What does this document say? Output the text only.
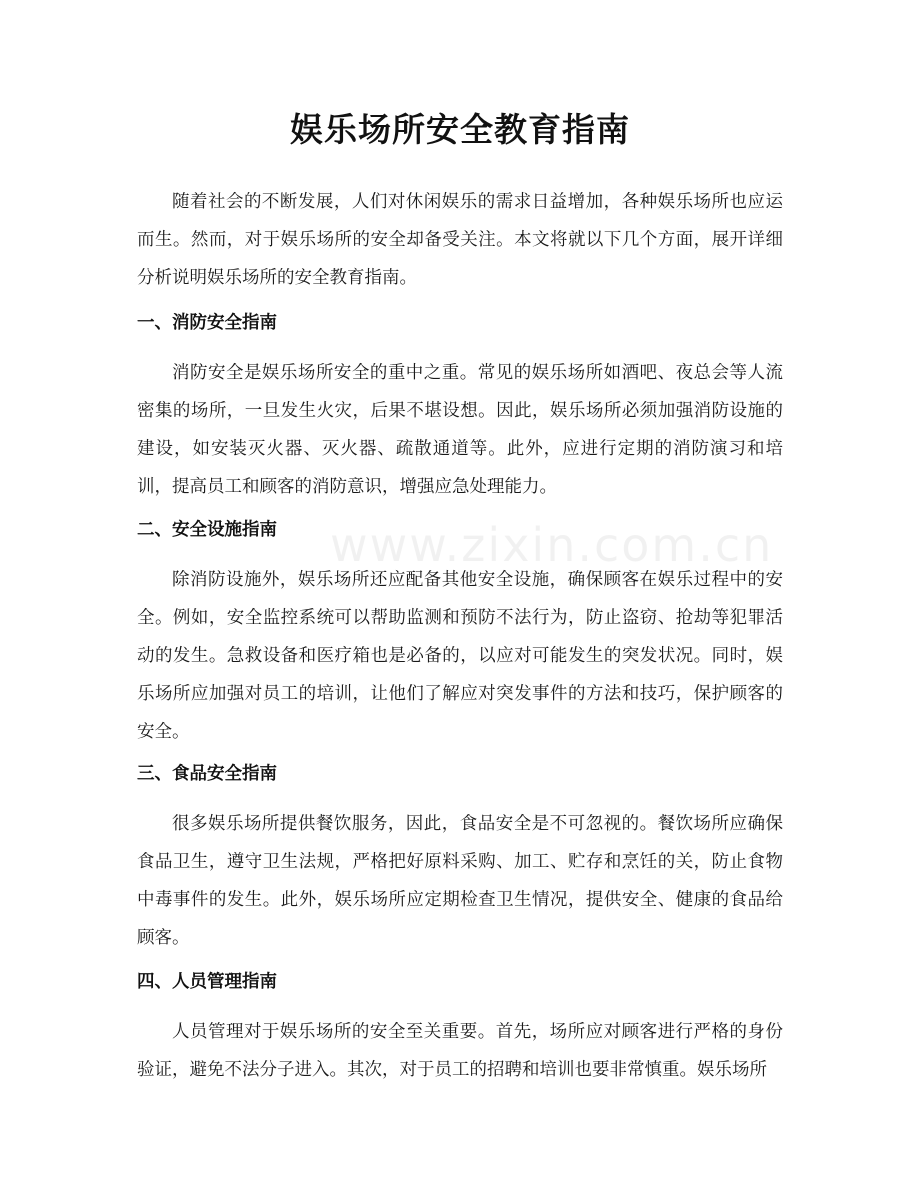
www.zixin.com.cn
娱乐场所安全教育指南

随着社会的不断发展，人们对休闲娱乐的需求日益增加，各种娱乐场所也应运而生。然而，对于娱乐场所的安全却备受关注。本文将就以下几个方面，展开详细分析说明娱乐场所的安全教育指南。

一、消防安全指南

消防安全是娱乐场所安全的重中之重。常见的娱乐场所如酒吧、夜总会等人流密集的场所，一旦发生火灾，后果不堪设想。因此，娱乐场所必须加强消防设施的建设，如安装灭火器、灭火器、疏散通道等。此外，应进行定期的消防演习和培训，提高员工和顾客的消防意识，增强应急处理能力。

二、安全设施指南

除消防设施外，娱乐场所还应配备其他安全设施，确保顾客在娱乐过程中的安全。例如，安全监控系统可以帮助监测和预防不法行为，防止盗窃、抢劫等犯罪活动的发生。急救设备和医疗箱也是必备的，以应对可能发生的突发状况。同时，娱乐场所应加强对员工的培训，让他们了解应对突发事件的方法和技巧，保护顾客的安全。

三、食品安全指南

很多娱乐场所提供餐饮服务，因此，食品安全是不可忽视的。餐饮场所应确保食品卫生，遵守卫生法规，严格把好原料采购、加工、贮存和烹饪的关，防止食物中毒事件的发生。此外，娱乐场所应定期检查卫生情况，提供安全、健康的食品给顾客。

四、人员管理指南

人员管理对于娱乐场所的安全至关重要。首先，场所应对顾客进行严格的身份验证，避免不法分子进入。其次，对于员工的招聘和培训也要非常慎重。娱乐场所
